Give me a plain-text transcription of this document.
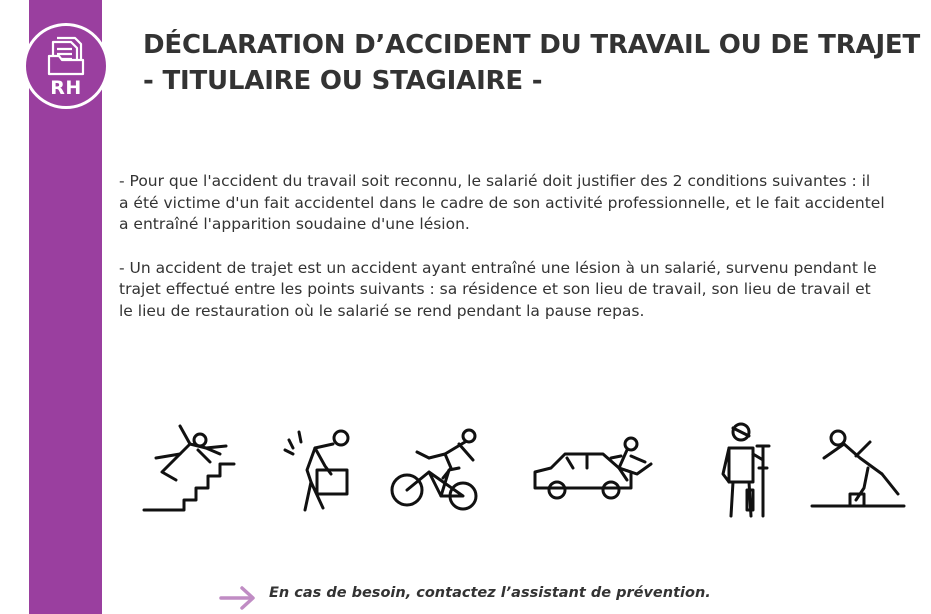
RH
DÉCLARATION D’ACCIDENT DU TRAVAIL OU DE TRAJET
- TITULAIRE OU STAGIAIRE -

- Pour que l'accident du travail soit reconnu, le salarié doit justifier des 2 conditions suivantes : il
a été victime d'un fait accidentel dans le cadre de son activité professionnelle, et le fait accidentel
a entraîné l'apparition soudaine d'une lésion.

- Un accident de trajet est un accident ayant entraîné une lésion à un salarié, survenu pendant le
trajet effectué entre les points suivants : sa résidence et son lieu de travail, son lieu de travail et
le lieu de restauration où le salarié se rend pendant la pause repas.

En cas de besoin, contactez l’assistant de prévention.
